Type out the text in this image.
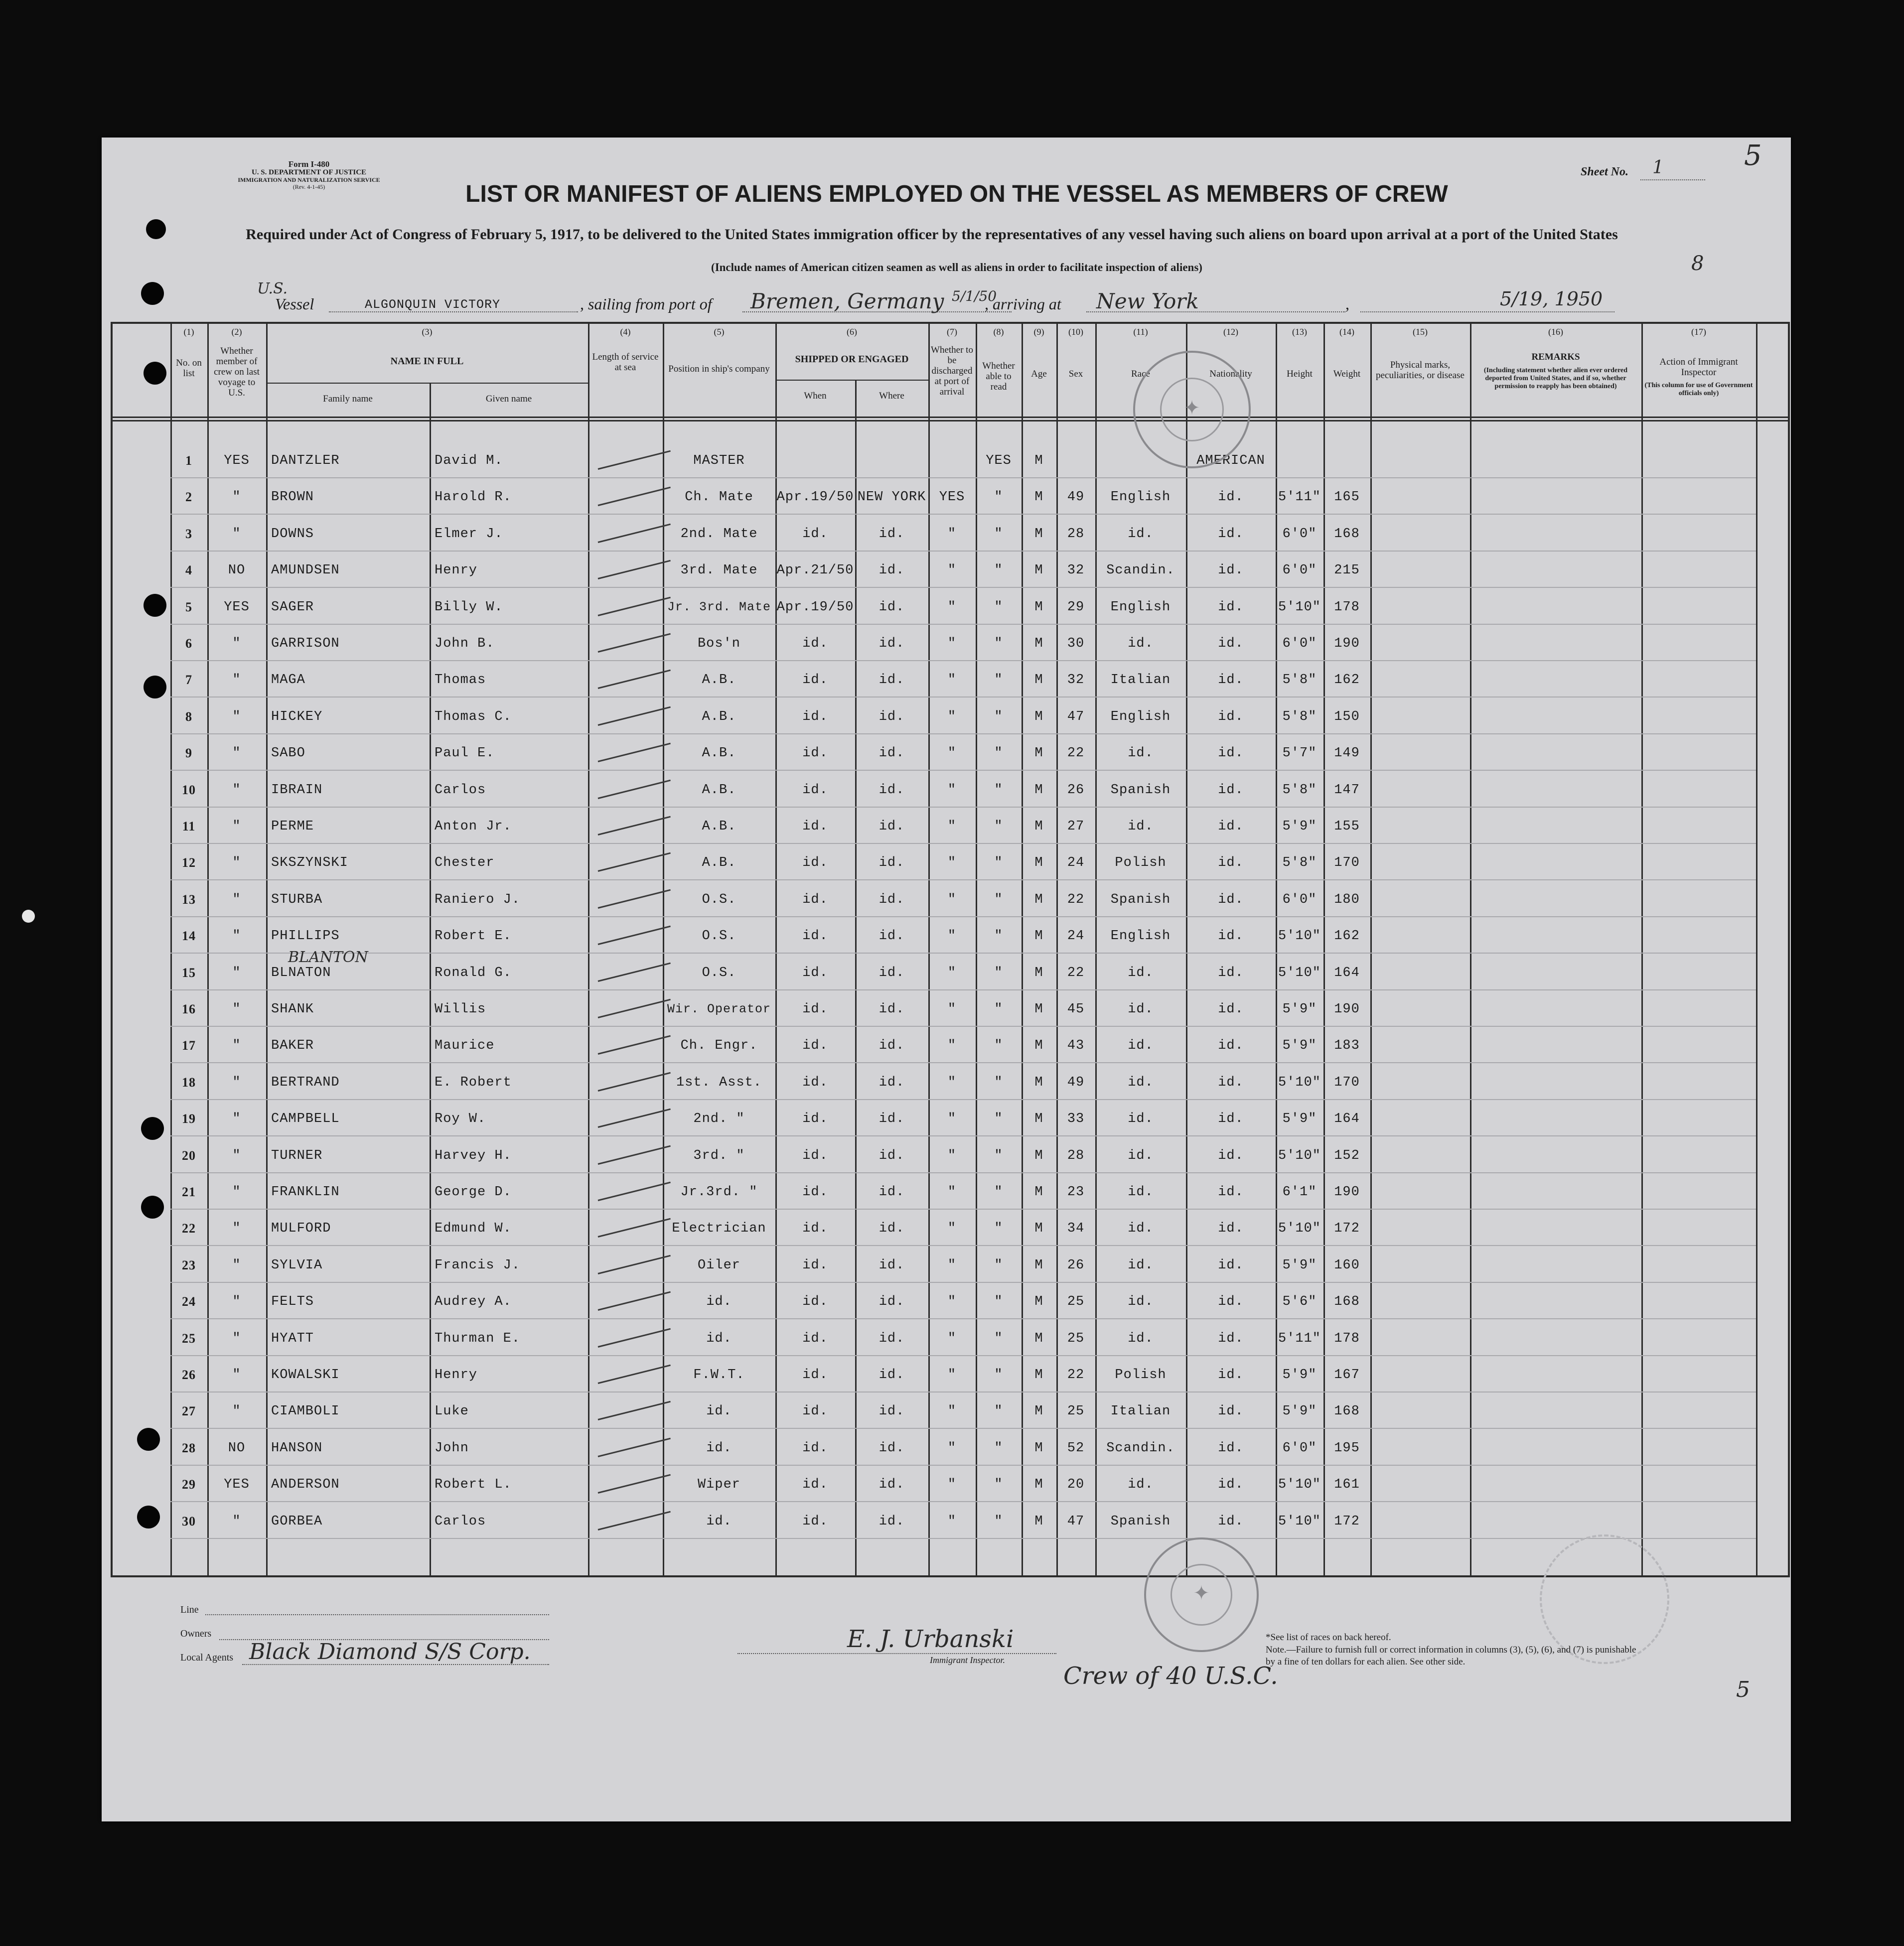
Form I-480
U. S. DEPARTMENT OF JUSTICE
IMMIGRATION AND NATURALIZATION SERVICE
(Rev. 4-1-45)
Sheet No. 1	5
8
LIST OR MANIFEST OF ALIENS EMPLOYED ON THE VESSEL AS MEMBERS OF CREW
Required under Act of Congress of February 5, 1917, to be delivered to the United States immigration officer by the representatives of any vessel having such aliens on board upon arrival at a port of the United States
(Include names of American citizen seamen as well as aliens in order to facilitate inspection of aliens)
U.S.
Vessel	ALGONQUIN VICTORY	, sailing from port of Bremen, Germany 5/1/50
, arriving at New York	,	5/19, 1950
(1)
No. on list
(2)
Whether member of crew on last voyage to U.S.
(3)
NAME IN FULL
(4)
Length of service at sea
(5)
Position in ship's company
(6)
SHIPPED OR ENGAGED
(7)
Whether to be discharged at port of arrival
(8)
Whether able to read
(9)
Age
(10)
Sex
(11)
Race
(12)
Nationality
(13)
Height
(14)
Weight
(15)
Physical marks, peculiarities, or disease
(16)
REMARKS
(17)
Action of Immigrant Inspector
Family name	Given name	When	Where
(Including statement whether alien ever ordered deported from United States, and if so, whether permission to reapply has been obtained)	(This column for use of Government officials only)
1	YES	DANTZLER	David M.	MASTER	YES	M	AMERICAN
2	"	BROWN	Harold R.	Ch. Mate	Apr.19/50 NEW YORK YES	"	M	49	English	id.	5'11" 165
3	"	DOWNS	Elmer J.	2nd. Mate	id.	id.	"	"	M	28	id.	id.	6'0"	168
4	NO	AMUNDSEN	Henry	3rd. Mate	Apr.21/50	id.	"	"	M	32	Scandin.	id.	6'0"	215
5	YES	SAGER	Billy W.	Jr. 3rd. Mate Apr.19/50	id.	"	"	M	29	English	id.	5'10" 178
6	"	GARRISON	John B.	Bos'n	id.	id.	"	"	M	30	id.	id.	6'0"	190
7	"	MAGA	Thomas	A.B.	id.	id.	"	"	M	32	Italian	id.	5'8"	162
8	"	HICKEY	Thomas C.	A.B.	id.	id.	"	"	M	47	English	id.	5'8"	150
9	"	SABO	Paul E.	A.B.	id.	id.	"	"	M	22	id.	id.	5'7"	149
10	"	IBRAIN	Carlos	A.B.	id.	id.	"	"	M	26	Spanish	id.	5'8"	147
11	"	PERME	Anton Jr.	A.B.	id.	id.	"	"	M	27	id.	id.	5'9"	155
12	"	SKSZYNSKI	Chester	A.B.	id.	id.	"	"	M	24	Polish	id.	5'8"	170
13	"	STURBA	Raniero J.	O.S.	id.	id.	"	"	M	22	Spanish	id.	6'0"	180
14	"	PHILLIPS	Robert E.	O.S.	id.	id.	"	"	M	24	English	id.	5'10" 162
15	"	BLNATON	Ronald G.	O.S.	id.	id.	"	"	M	22	id.	id.	5'10" 164
BLANTON
16	"	SHANK	Willis	Wir. Operator	id.	id.	"	"	M	45	id.	id.	5'9"	190
17	"	BAKER	Maurice	Ch. Engr.	id.	id.	"	"	M	43	id.	id.	5'9"	183
18	"	BERTRAND	E. Robert	1st. Asst.	id.	id.	"	"	M	49	id.	id.	5'10" 170
19	"	CAMPBELL	Roy W.	2nd. "	id.	id.	"	"	M	33	id.	id.	5'9"	164
20	"	TURNER	Harvey H.	3rd. "	id.	id.	"	"	M	28	id.	id.	5'10" 152
21	"	FRANKLIN	George D.	Jr.3rd. "	id.	id.	"	"	M	23	id.	id.	6'1"	190
22	"	MULFORD	Edmund W.	Electrician	id.	id.	"	"	M	34	id.	id.	5'10" 172
23	"	SYLVIA	Francis J.	Oiler	id.	id.	"	"	M	26	id.	id.	5'9"	160
24	"	FELTS	Audrey A.	id.	id.	id.	"	"	M	25	id.	id.	5'6"	168
25	"	HYATT	Thurman E.	id.	id.	id.	"	"	M	25	id.	id.	5'11" 178
26	"	KOWALSKI	Henry	F.W.T.	id.	id.	"	"	M	22	Polish	id.	5'9"	167
27	"	CIAMBOLI	Luke	id.	id.	id.	"	"	M	25	Italian	id.	5'9"	168
28	NO	HANSON	John	id.	id.	id.	"	"	M	52	Scandin.	id.	6'0"	195
29	YES	ANDERSON	Robert L.	Wiper	id.	id.	"	"	M	20	id.	id.	5'10" 161
30	"	GORBEA	Carlos	id.	id.	id.	"	"	M	47	Spanish	id.	5'10" 172
✦
✦
Line
Owners
Local Agents Black Diamond S/S Corp.	E. J. Urbanski
Immigrant Inspector.
Crew of 40 U.S.C.
*See list of races on back hereof.
Note.—Failure to furnish full or correct information in columns (3), (5), (6), and (7) is punishable by a fine of ten dollars for each alien. See other side.
5
